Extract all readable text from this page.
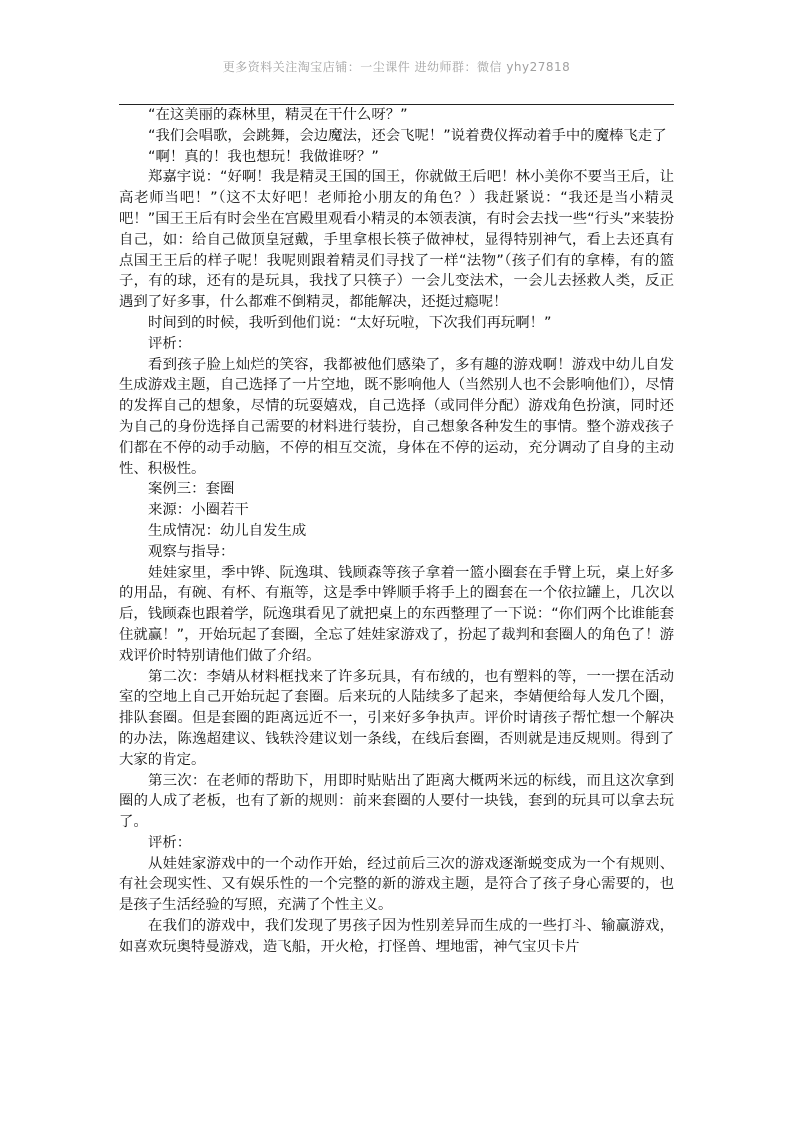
更多资料关注淘宝店铺：一尘课件 进幼师群：微信 yhy27818

“在这美丽的森林里，精灵在干什么呀？”

“我们会唱歌，会跳舞，会边魔法，还会飞呢！”说着费仪挥动着手中的魔棒飞走了

“啊！真的！我也想玩！我做谁呀？”

郑嘉宇说：“好啊！我是精灵王国的国王，你就做王后吧！林小美你不要当王后，让高老师当吧！”（这不太好吧！老师抢小朋友的角色？）我赶紧说：“我还是当小精灵吧！”国王王后有时会坐在宫殿里观看小精灵的本领表演，有时会去找一些“行头”来装扮自己，如：给自己做顶皇冠戴，手里拿根长筷子做神杖，显得特别神气，看上去还真有点国王王后的样子呢！我呢则跟着精灵们寻找了一样“法物”（孩子们有的拿棒，有的篮子，有的球，还有的是玩具，我找了只筷子）一会儿变法术，一会儿去拯救人类，反正遇到了好多事，什么都难不倒精灵，都能解决，还挺过瘾呢！

时间到的时候，我听到他们说：“太好玩啦，下次我们再玩啊！”

评析：

看到孩子脸上灿烂的笑容，我都被他们感染了，多有趣的游戏啊！游戏中幼儿自发生成游戏主题，自己选择了一片空地，既不影响他人（当然别人也不会影响他们），尽情的发挥自己的想象，尽情的玩耍嬉戏，自己选择（或同伴分配）游戏角色扮演，同时还为自己的身份选择自己需要的材料进行装扮，自己想象各种发生的事情。整个游戏孩子们都在不停的动手动脑，不停的相互交流，身体在不停的运动，充分调动了自身的主动性、积极性。

案例三：套圈

来源：小圈若干

生成情况：幼儿自发生成

观察与指导：

娃娃家里，季中铧、阮逸琪、钱顾森等孩子拿着一篮小圈套在手臂上玩，桌上好多的用品，有碗、有杯、有瓶等，这是季中铧顺手将手上的圈套在一个依拉罐上，几次以后，钱顾森也跟着学，阮逸琪看见了就把桌上的东西整理了一下说：“你们两个比谁能套住就赢！”，开始玩起了套圈，全忘了娃娃家游戏了，扮起了裁判和套圈人的角色了！游戏评价时特别请他们做了介绍。

第二次：李婧从材料框找来了许多玩具，有布绒的，也有塑料的等，一一摆在活动室的空地上自己开始玩起了套圈。后来玩的人陆续多了起来，李婧便给每人发几个圈，排队套圈。但是套圈的距离远近不一，引来好多争执声。评价时请孩子帮忙想一个解决的办法，陈逸超建议、钱轶泠建议划一条线，在线后套圈，否则就是违反规则。得到了大家的肯定。

第三次：在老师的帮助下，用即时贴贴出了距离大概两米远的标线，而且这次拿到圈的人成了老板，也有了新的规则：前来套圈的人要付一块钱，套到的玩具可以拿去玩了。

评析：

从娃娃家游戏中的一个动作开始，经过前后三次的游戏逐渐蜕变成为一个有规则、有社会现实性、又有娱乐性的一个完整的新的游戏主题，是符合了孩子身心需要的，也是孩子生活经验的写照，充满了个性主义。

在我们的游戏中，我们发现了男孩子因为性别差异而生成的一些打斗、输赢游戏，如喜欢玩奥特曼游戏，造飞船，开火枪，打怪兽、埋地雷，神气宝贝卡片
